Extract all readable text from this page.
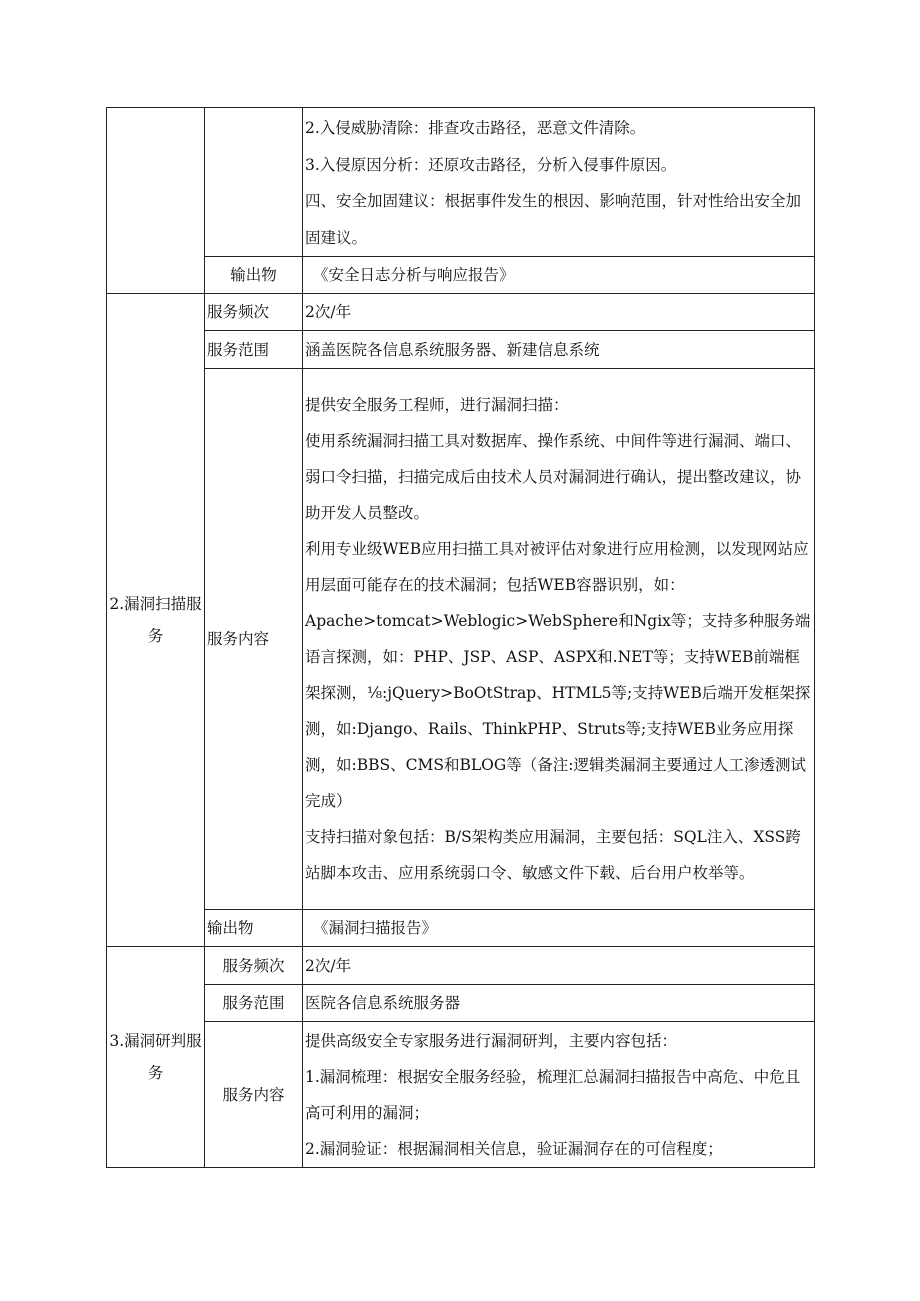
		2.入侵威胁清除：排查攻击路径，恶意文件清除。

3.入侵原因分析：还原攻击路径，分析入侵事件原因。

四、安全加固建议：根据事件发生的根因、影响范围，针对性给出安全加固建议。

	输出物	《安全日志分析与响应报告》
2.漏洞扫描服务	服务频次	2次/年
	服务范围	涵盖医院各信息系统服务器、新建信息系统
	服务内容	提供安全服务工程师，进行漏洞扫描：

使用系统漏洞扫描工具对数据库、操作系统、中间件等进行漏洞、端口、弱口令扫描，扫描完成后由技术人员对漏洞进行确认，提出整改建议，协助开发人员整改。

利用专业级WEB应用扫描工具对被评估对象进行应用检测，以发现网站应用层面可能存在的技术漏洞；包括WEB容器识别，如：Apache>tomcat>Weblogic>WebSphere和Ngix等；支持多种服务端语言探测，如：PHP、JSP、ASP、ASPX和.NET等；支持WEB前端框架探测，⅛:jQuery>BoOtStrap、HTML5等;支持WEB后端开发框架探测，如:Django、Rails、ThinkPHP、Struts等;支持WEB业务应用探测，如:BBS、CMS和BLOG等（备注:逻辑类漏洞主要通过人工渗透测试完成）

支持扫描对象包括：B/S架构类应用漏洞，主要包括：SQL注入、XSS跨站脚本攻击、应用系统弱口令、敏感文件下载、后台用户枚举等。

	输出物	《漏洞扫描报告》
3.漏洞研判服务	服务频次	2次/年
	服务范围	医院各信息系统服务器
	服务内容	提供高级安全专家服务进行漏洞研判，主要内容包括：

1.漏洞梳理：根据安全服务经验，梳理汇总漏洞扫描报告中高危、中危且高可利用的漏洞；

2.漏洞验证：根据漏洞相关信息，验证漏洞存在的可信程度；
